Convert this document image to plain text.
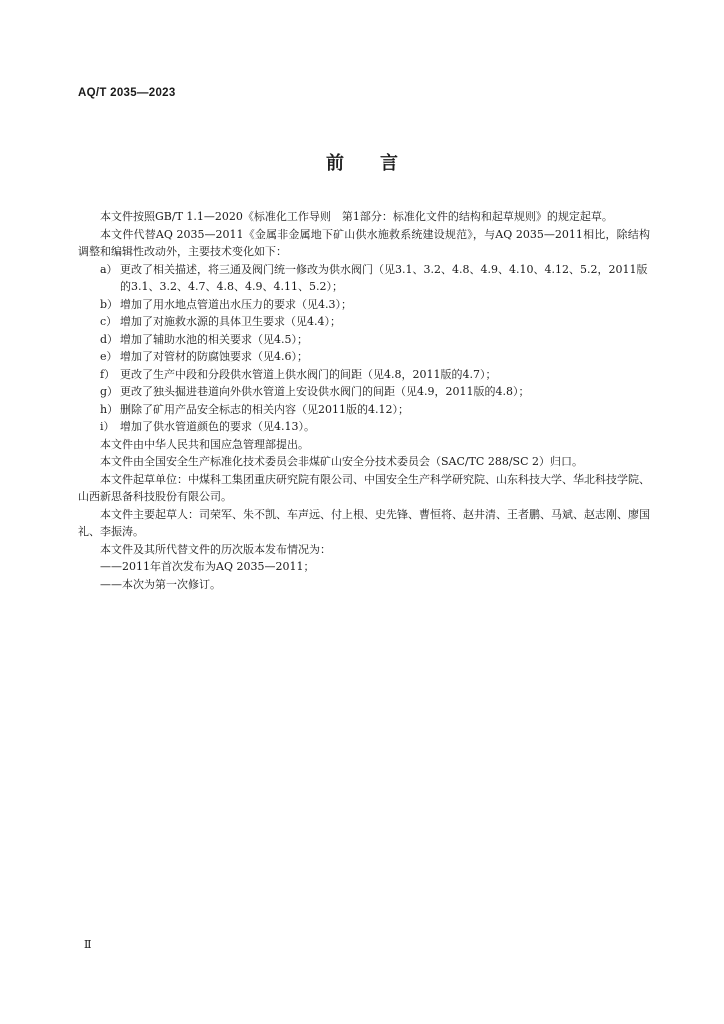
AQ/T 2035—2023
前言

本文件按照GB/T 1.1—2020《标准化工作导则　第1部分：标准化文件的结构和起草规则》的规定起草。

本文件代替AQ 2035—2011《金属非金属地下矿山供水施救系统建设规范》，与AQ 2035—2011相比，除结构调整和编辑性改动外，主要技术变化如下：

a） 更改了相关描述，将三通及阀门统一修改为供水阀门（见3.1、3.2、4.8、4.9、4.10、4.12、5.2，2011版的3.1、3.2、4.7、4.8、4.9、4.11、5.2）；
b） 增加了用水地点管道出水压力的要求（见4.3）；
c） 增加了对施救水源的具体卫生要求（见4.4）；
d） 增加了辅助水池的相关要求（见4.5）；
e） 增加了对管材的防腐蚀要求（见4.6）；
f） 更改了生产中段和分段供水管道上供水阀门的间距（见4.8，2011版的4.7）；
g） 更改了独头掘进巷道向外供水管道上安设供水阀门的间距（见4.9，2011版的4.8）；
h） 删除了矿用产品安全标志的相关内容（见2011版的4.12）；
i） 增加了供水管道颜色的要求（见4.13）。

本文件由中华人民共和国应急管理部提出。

本文件由全国安全生产标准化技术委员会非煤矿山安全分技术委员会（SAC/TC 288/SC 2）归口。

本文件起草单位：中煤科工集团重庆研究院有限公司、中国安全生产科学研究院、山东科技大学、华北科技学院、山西新思备科技股份有限公司。

本文件主要起草人：司荣军、朱不凯、车声远、付上根、史先锋、曹恒将、赵井清、王者鹏、马斌、赵志刚、廖国礼、李振涛。

本文件及其所代替文件的历次版本发布情况为：

——2011年首次发布为AQ 2035—2011；

——本次为第一次修订。

Ⅱ
